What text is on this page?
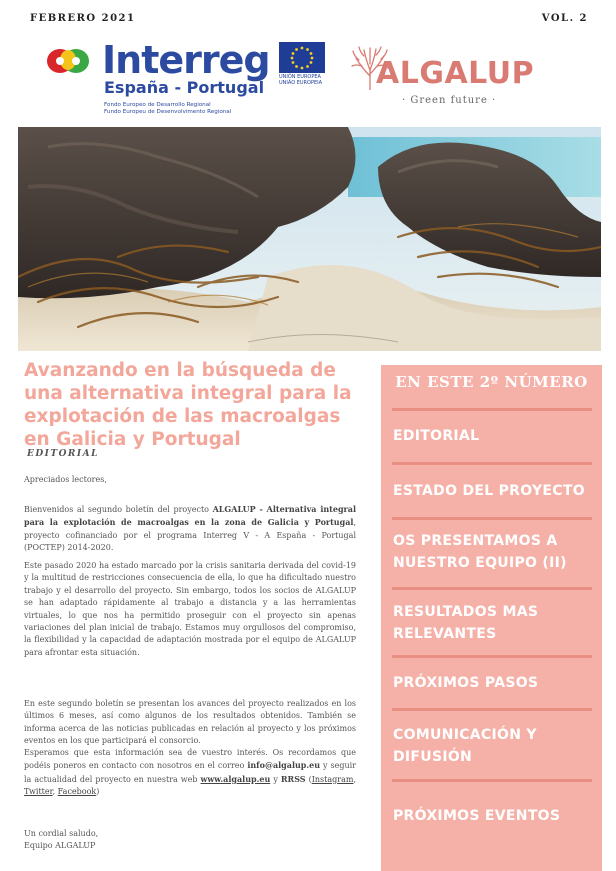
FEBRERO 2021	VOL. 2
Interreg
España - Portugal
Fondo Europeo de Desarrollo Regional
Fundo Europeu de Desenvolvimento Regional
UNIÓN EUROPEA
UNIÃO EUROPEIA ALGALUP
· Green future ·
Avanzando en la búsqueda de una alternativa integral para la explotación de las macroalgas en Galicia y Portugal
EDITORIAL
Apreciados lectores,
Bienvenidos al segundo boletín del proyecto ALGALUP - Alternativa integral para la explotación de macroalgas en la zona de Galicia y Portugal, proyecto cofinanciado por el programa Interreg V - A España - Portugal (POCTEP) 2014-2020.
Este pasado 2020 ha estado marcado por la crisis sanitaria derivada del covid-19 y la multitud de restricciones consecuencia de ella, lo que ha dificultado nuestro trabajo y el desarrollo del proyecto. Sin embargo, todos los socios de ALGALUP se han adaptado rápidamente al trabajo a distancia y a las herramientas virtuales, lo que nos ha permitido proseguir con el proyecto sin apenas variaciones del plan inicial de trabajo. Estamos muy orgullosos del compromiso, la flexibilidad y la capacidad de adaptación mostrada por el equipo de ALGALUP para afrontar esta situación.
En este segundo boletín se presentan los avances del proyecto realizados en los últimos 6 meses, así como algunos de los resultados obtenidos. También se informa acerca de las noticias publicadas en relación al proyecto y los próximos eventos en los que participará el consorcio.
Esperamos que esta información sea de vuestro interés. Os recordamos que podéis poneros en contacto con nosotros en el correo info@algalup.eu y seguir la actualidad del proyecto en nuestra web www.algalup.eu y RRSS (Instagram, Twitter, Facebook)
Un cordial saludo,
Equipo ALGALUP
EN ESTE 2º NÚMERO
EDITORIAL
ESTADO DEL PROYECTO
OS PRESENTAMOS A NUESTRO EQUIPO (II)
RESULTADOS MAS RELEVANTES
PRÓXIMOS PASOS
COMUNICACIÓN Y DIFUSIÓN
PRÓXIMOS EVENTOS
